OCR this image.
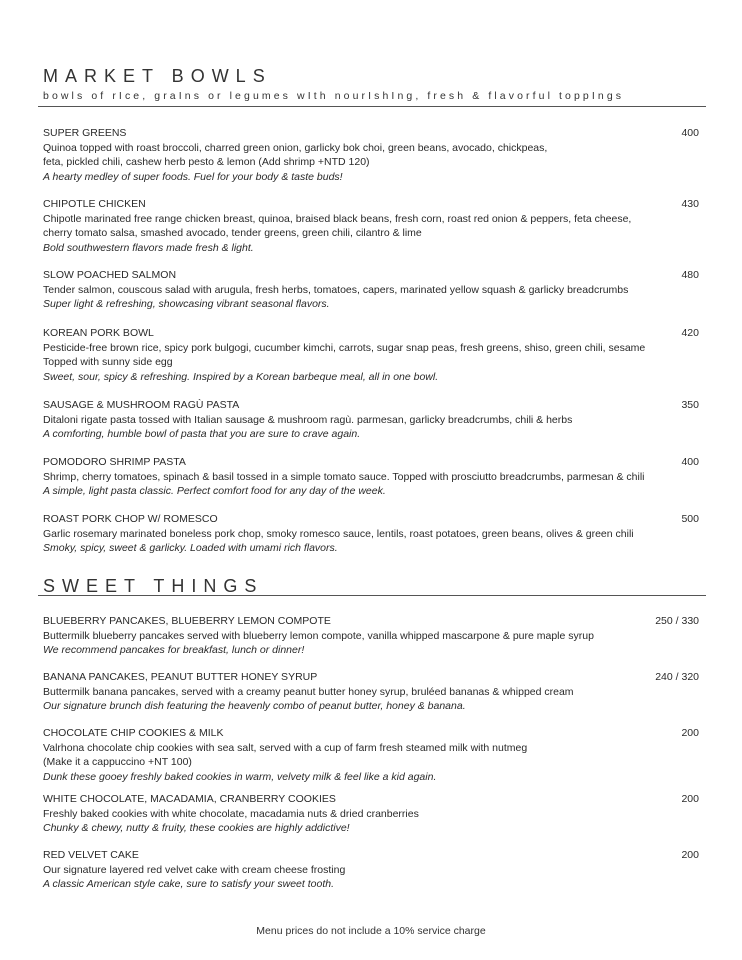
MARKET BOWLS

bowls of rIce, graIns or legumes wIth nourIshIng, fresh & flavorful toppIngs

SUPER GREENS
Quinoa topped with roast broccoli, charred green onion, garlicky bok choi, green beans, avocado, chickpeas,
feta, pickled chili, cashew herb pesto & lemon (Add shrimp +NTD 120)
A hearty medley of super foods. Fuel for your body & taste buds!
400
CHIPOTLE CHICKEN
Chipotle marinated free range chicken breast, quinoa, braised black beans, fresh corn, roast red onion & peppers, feta cheese,
cherry tomato salsa, smashed avocado, tender greens, green chili, cilantro & lime
Bold southwestern flavors made fresh & light.
430
SLOW POACHED SALMON
Tender salmon, couscous salad with arugula, fresh herbs, tomatoes, capers, marinated yellow squash & garlicky breadcrumbs
Super light & refreshing, showcasing vibrant seasonal flavors.
480
KOREAN PORK BOWL
Pesticide-free brown rice, spicy pork bulgogi, cucumber kimchi, carrots, sugar snap peas, fresh greens, shiso, green chili, sesame
Topped with sunny side egg
Sweet, sour, spicy & refreshing. Inspired by a Korean barbeque meal, all in one bowl.
420
SAUSAGE & MUSHROOM RAGÙ PASTA
Ditaloni rigate pasta tossed with Italian sausage & mushroom ragù. parmesan, garlicky breadcrumbs, chili & herbs
A comforting, humble bowl of pasta that you are sure to crave again.
350
POMODORO SHRIMP PASTA
Shrimp, cherry tomatoes, spinach & basil tossed in a simple tomato sauce. Topped with prosciutto breadcrumbs, parmesan & chili
A simple, light pasta classic. Perfect comfort food for any day of the week.
400
ROAST PORK CHOP W/ ROMESCO
Garlic rosemary marinated boneless pork chop, smoky romesco sauce, lentils, roast potatoes, green beans, olives & green chili
Smoky, spicy, sweet & garlicky. Loaded with umami rich flavors.
500
SWEET THINGS
BLUEBERRY PANCAKES, BLUEBERRY LEMON COMPOTE
Buttermilk blueberry pancakes served with blueberry lemon compote, vanilla whipped mascarpone & pure maple syrup
We recommend pancakes for breakfast, lunch or dinner!
250 / 330
BANANA PANCAKES, PEANUT BUTTER HONEY SYRUP
Buttermilk banana pancakes, served with a creamy peanut butter honey syrup, bruléed bananas & whipped cream
Our signature brunch dish featuring the heavenly combo of peanut butter, honey & banana.
240 / 320
CHOCOLATE CHIP COOKIES & MILK
Valrhona chocolate chip cookies with sea salt, served with a cup of farm fresh steamed milk with nutmeg
(Make it a cappuccino +NT 100)
Dunk these gooey freshly baked cookies in warm, velvety milk & feel like a kid again.
200
WHITE CHOCOLATE, MACADAMIA, CRANBERRY COOKIES
Freshly baked cookies with white chocolate, macadamia nuts & dried cranberries
Chunky & chewy, nutty & fruity, these cookies are highly addictive!
200
RED VELVET CAKE
Our signature layered red velvet cake with cream cheese frosting
A classic American style cake, sure to satisfy your sweet tooth.
200
Menu prices do not include a 10% service charge
